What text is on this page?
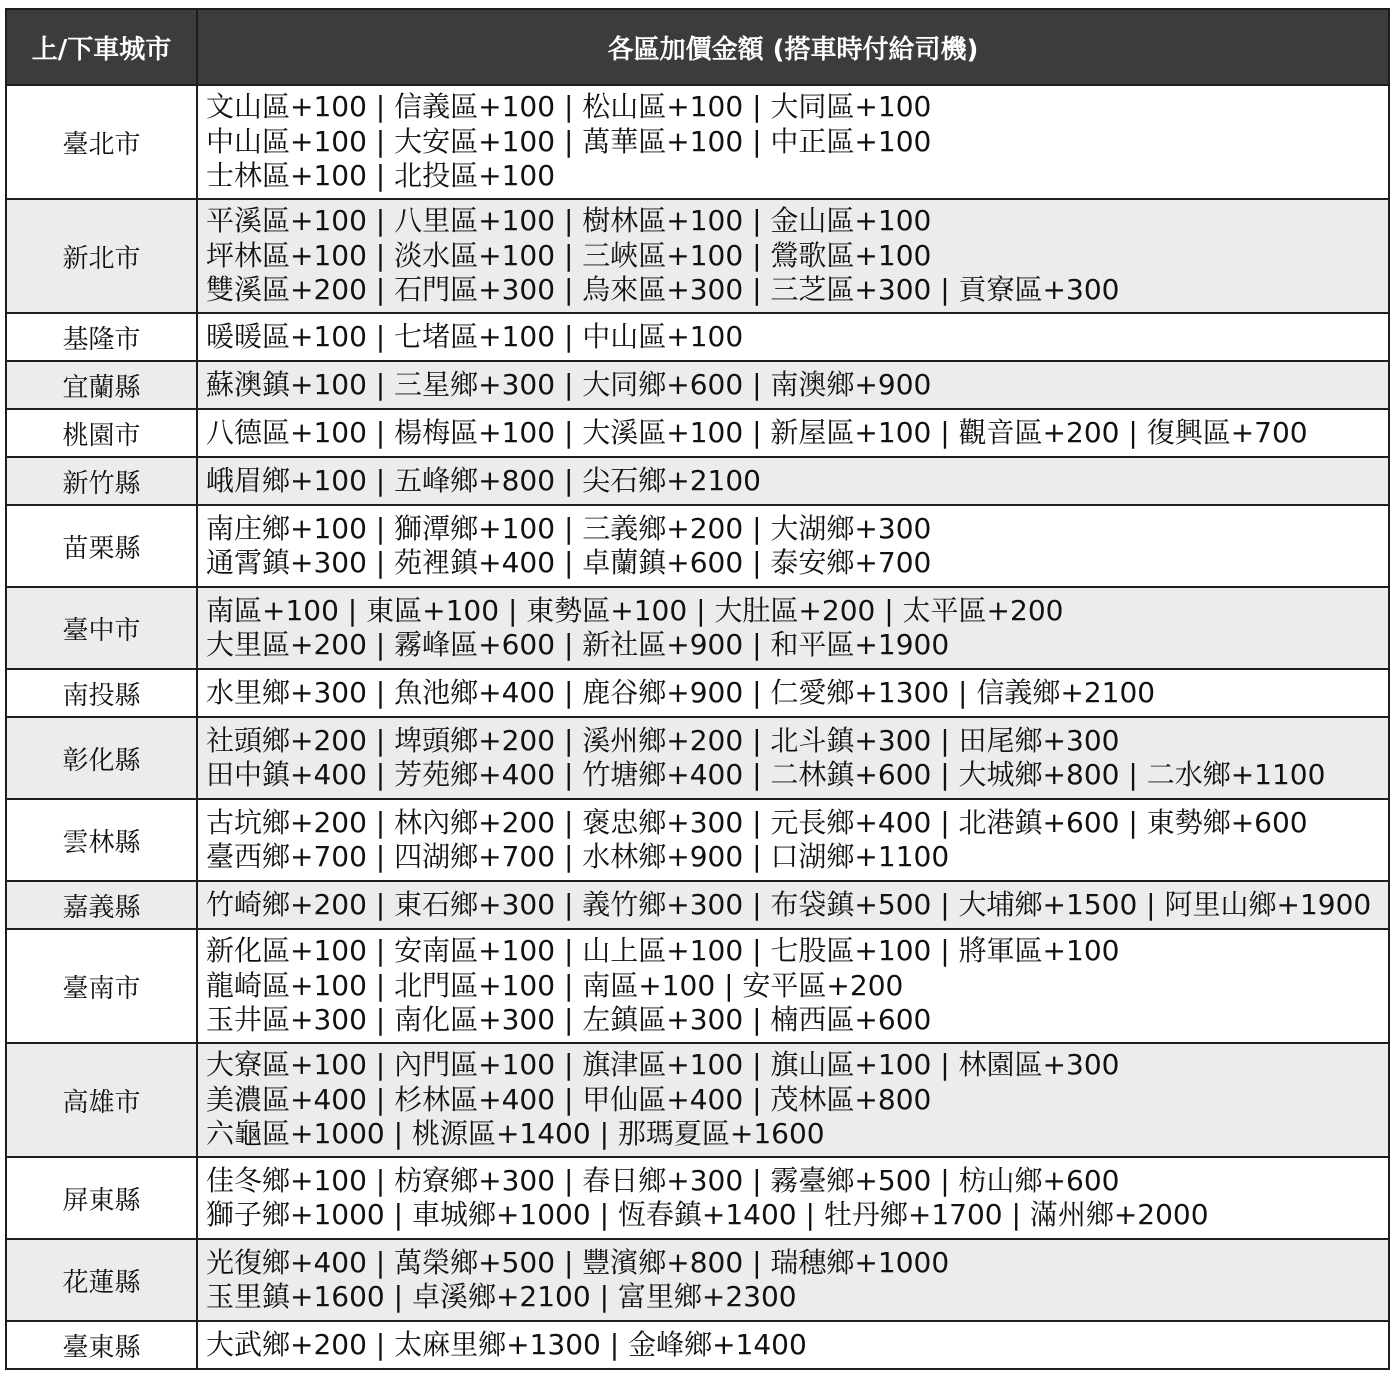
上/下車城市	各區加價金額 (搭車時付給司機)
臺北市	文山區+100 | 信義區+100 | 松山區+100 | 大同區+100
中山區+100 | 大安區+100 | 萬華區+100 | 中正區+100
士林區+100 | 北投區+100

新北市	平溪區+100 | 八里區+100 | 樹林區+100 | 金山區+100
坪林區+100 | 淡水區+100 | 三峽區+100 | 鶯歌區+100
雙溪區+200 | 石門區+300 | 烏來區+300 | 三芝區+300 | 貢寮區+300

基隆市	暖暖區+100 | 七堵區+100 | 中山區+100

宜蘭縣	蘇澳鎮+100 | 三星鄉+300 | 大同鄉+600 | 南澳鄉+900

桃園市	八德區+100 | 楊梅區+100 | 大溪區+100 | 新屋區+100 | 觀音區+200 | 復興區+700

新竹縣	峨眉鄉+100 | 五峰鄉+800 | 尖石鄉+2100

苗栗縣	南庄鄉+100 | 獅潭鄉+100 | 三義鄉+200 | 大湖鄉+300
通霄鎮+300 | 苑裡鎮+400 | 卓蘭鎮+600 | 泰安鄉+700

臺中市	南區+100 | 東區+100 | 東勢區+100 | 大肚區+200 | 太平區+200
大里區+200 | 霧峰區+600 | 新社區+900 | 和平區+1900

南投縣	水里鄉+300 | 魚池鄉+400 | 鹿谷鄉+900 | 仁愛鄉+1300 | 信義鄉+2100

彰化縣	社頭鄉+200 | 埤頭鄉+200 | 溪州鄉+200 | 北斗鎮+300 | 田尾鄉+300
田中鎮+400 | 芳苑鄉+400 | 竹塘鄉+400 | 二林鎮+600 | 大城鄉+800 | 二水鄉+1100

雲林縣	古坑鄉+200 | 林內鄉+200 | 褒忠鄉+300 | 元長鄉+400 | 北港鎮+600 | 東勢鄉+600
臺西鄉+700 | 四湖鄉+700 | 水林鄉+900 | 口湖鄉+1100

嘉義縣	竹崎鄉+200 | 東石鄉+300 | 義竹鄉+300 | 布袋鎮+500 | 大埔鄉+1500 | 阿里山鄉+1900

臺南市	新化區+100 | 安南區+100 | 山上區+100 | 七股區+100 | 將軍區+100
龍崎區+100 | 北門區+100 | 南區+100 | 安平區+200
玉井區+300 | 南化區+300 | 左鎮區+300 | 楠西區+600

高雄市	大寮區+100 | 內門區+100 | 旗津區+100 | 旗山區+100 | 林園區+300
美濃區+400 | 杉林區+400 | 甲仙區+400 | 茂林區+800
六龜區+1000 | 桃源區+1400 | 那瑪夏區+1600

屏東縣	佳冬鄉+100 | 枋寮鄉+300 | 春日鄉+300 | 霧臺鄉+500 | 枋山鄉+600
獅子鄉+1000 | 車城鄉+1000 | 恆春鎮+1400 | 牡丹鄉+1700 | 滿州鄉+2000

花蓮縣	光復鄉+400 | 萬榮鄉+500 | 豐濱鄉+800 | 瑞穗鄉+1000
玉里鎮+1600 | 卓溪鄉+2100 | 富里鄉+2300

臺東縣	大武鄉+200 | 太麻里鄉+1300 | 金峰鄉+1400
